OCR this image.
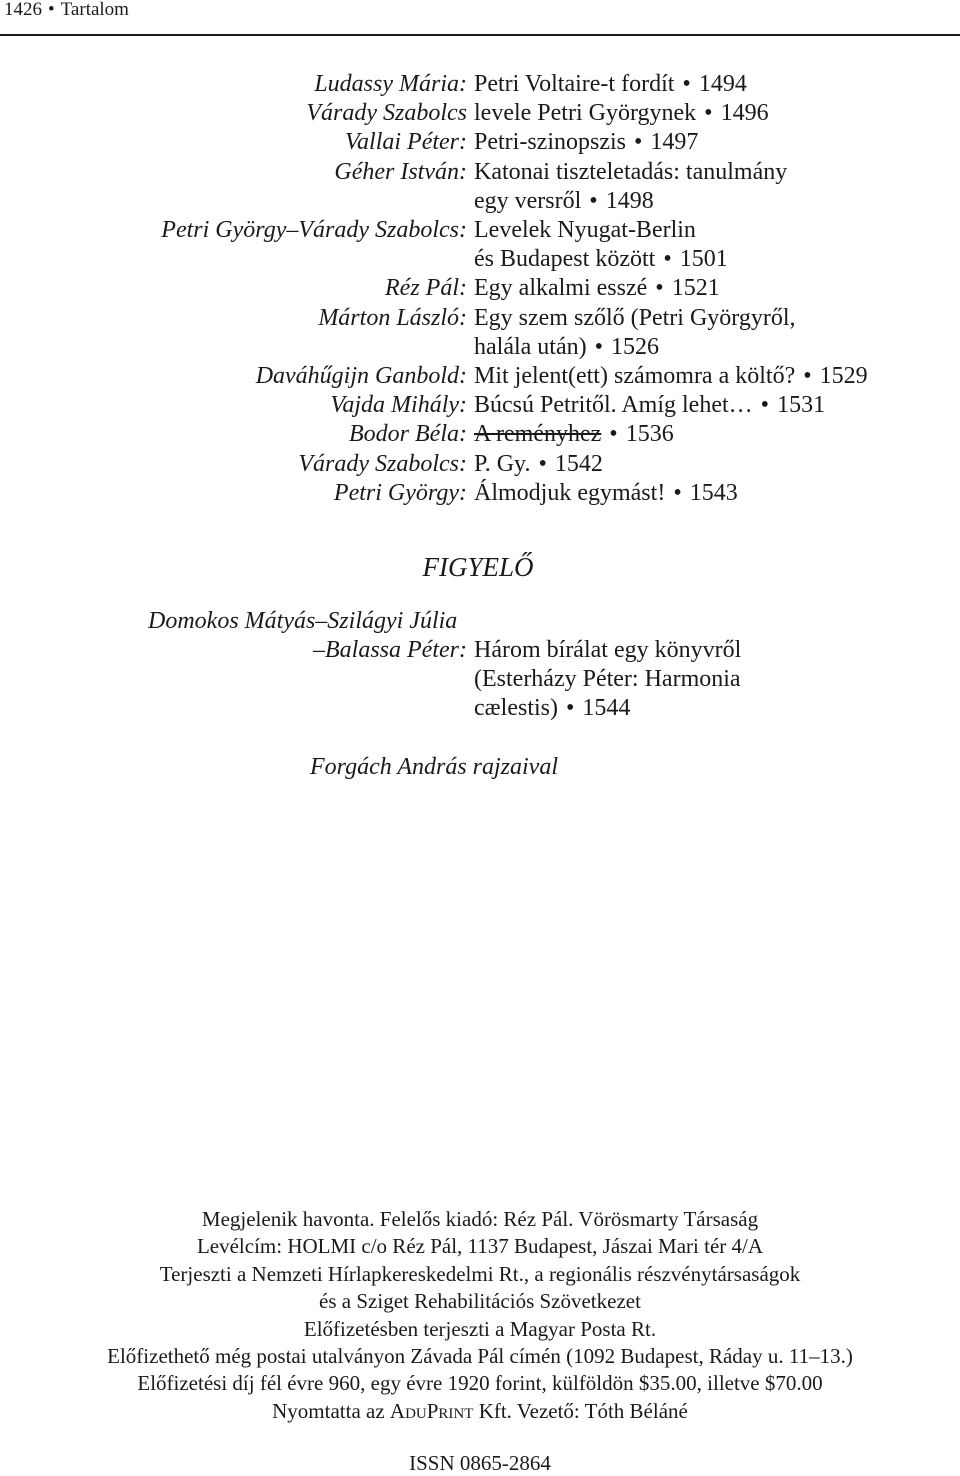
1426 • Tartalom
Ludassy Mária: Petri Voltaire-t fordít • 1494
Várady Szabolcs levele Petri Györgynek • 1496
Vallai Péter: Petri-szinopszis • 1497
Géher István: Katonai tiszteletadás: tanulmány
egy versről • 1498
Petri György–Várady Szabolcs: Levelek Nyugat-Berlin
és Budapest között • 1501
Réz Pál: Egy alkalmi esszé • 1521
Márton László: Egy szem szőlő (Petri Györgyről,
halála után) • 1526
Daváhűgijn Ganbold: Mit jelent(ett) számomra a költő? • 1529
Vajda Mihály: Búcsú Petritől. Amíg lehet… • 1531
Bodor Béla: A reményhez • 1536
Várady Szabolcs: P. Gy. • 1542
Petri György: Álmodjuk egymást! • 1543
FIGYELŐ
Domokos Mátyás–Szilágyi Júlia
–Balassa Péter: Három bírálat egy könyvről
(Esterházy Péter: Harmonia
cælestis) • 1544
Forgách András rajzaival
Megjelenik havonta. Felelős kiadó: Réz Pál. Vörösmarty Társaság
Levélcím: HOLMI c/o Réz Pál, 1137 Budapest, Jászai Mari tér 4/A
Terjeszti a Nemzeti Hírlapkereskedelmi Rt., a regionális részvénytársaságok
és a Sziget Rehabilitációs Szövetkezet
Előfizetésben terjeszti a Magyar Posta Rt.
Előfizethető még postai utalványon Závada Pál címén (1092 Budapest, Ráday u. 11–13.)
Előfizetési díj fél évre 960, egy évre 1920 forint, külföldön $35.00, illetve $70.00
Nyomtatta az AduPrint Kft. Vezető: Tóth Béláné
ISSN 0865-2864
